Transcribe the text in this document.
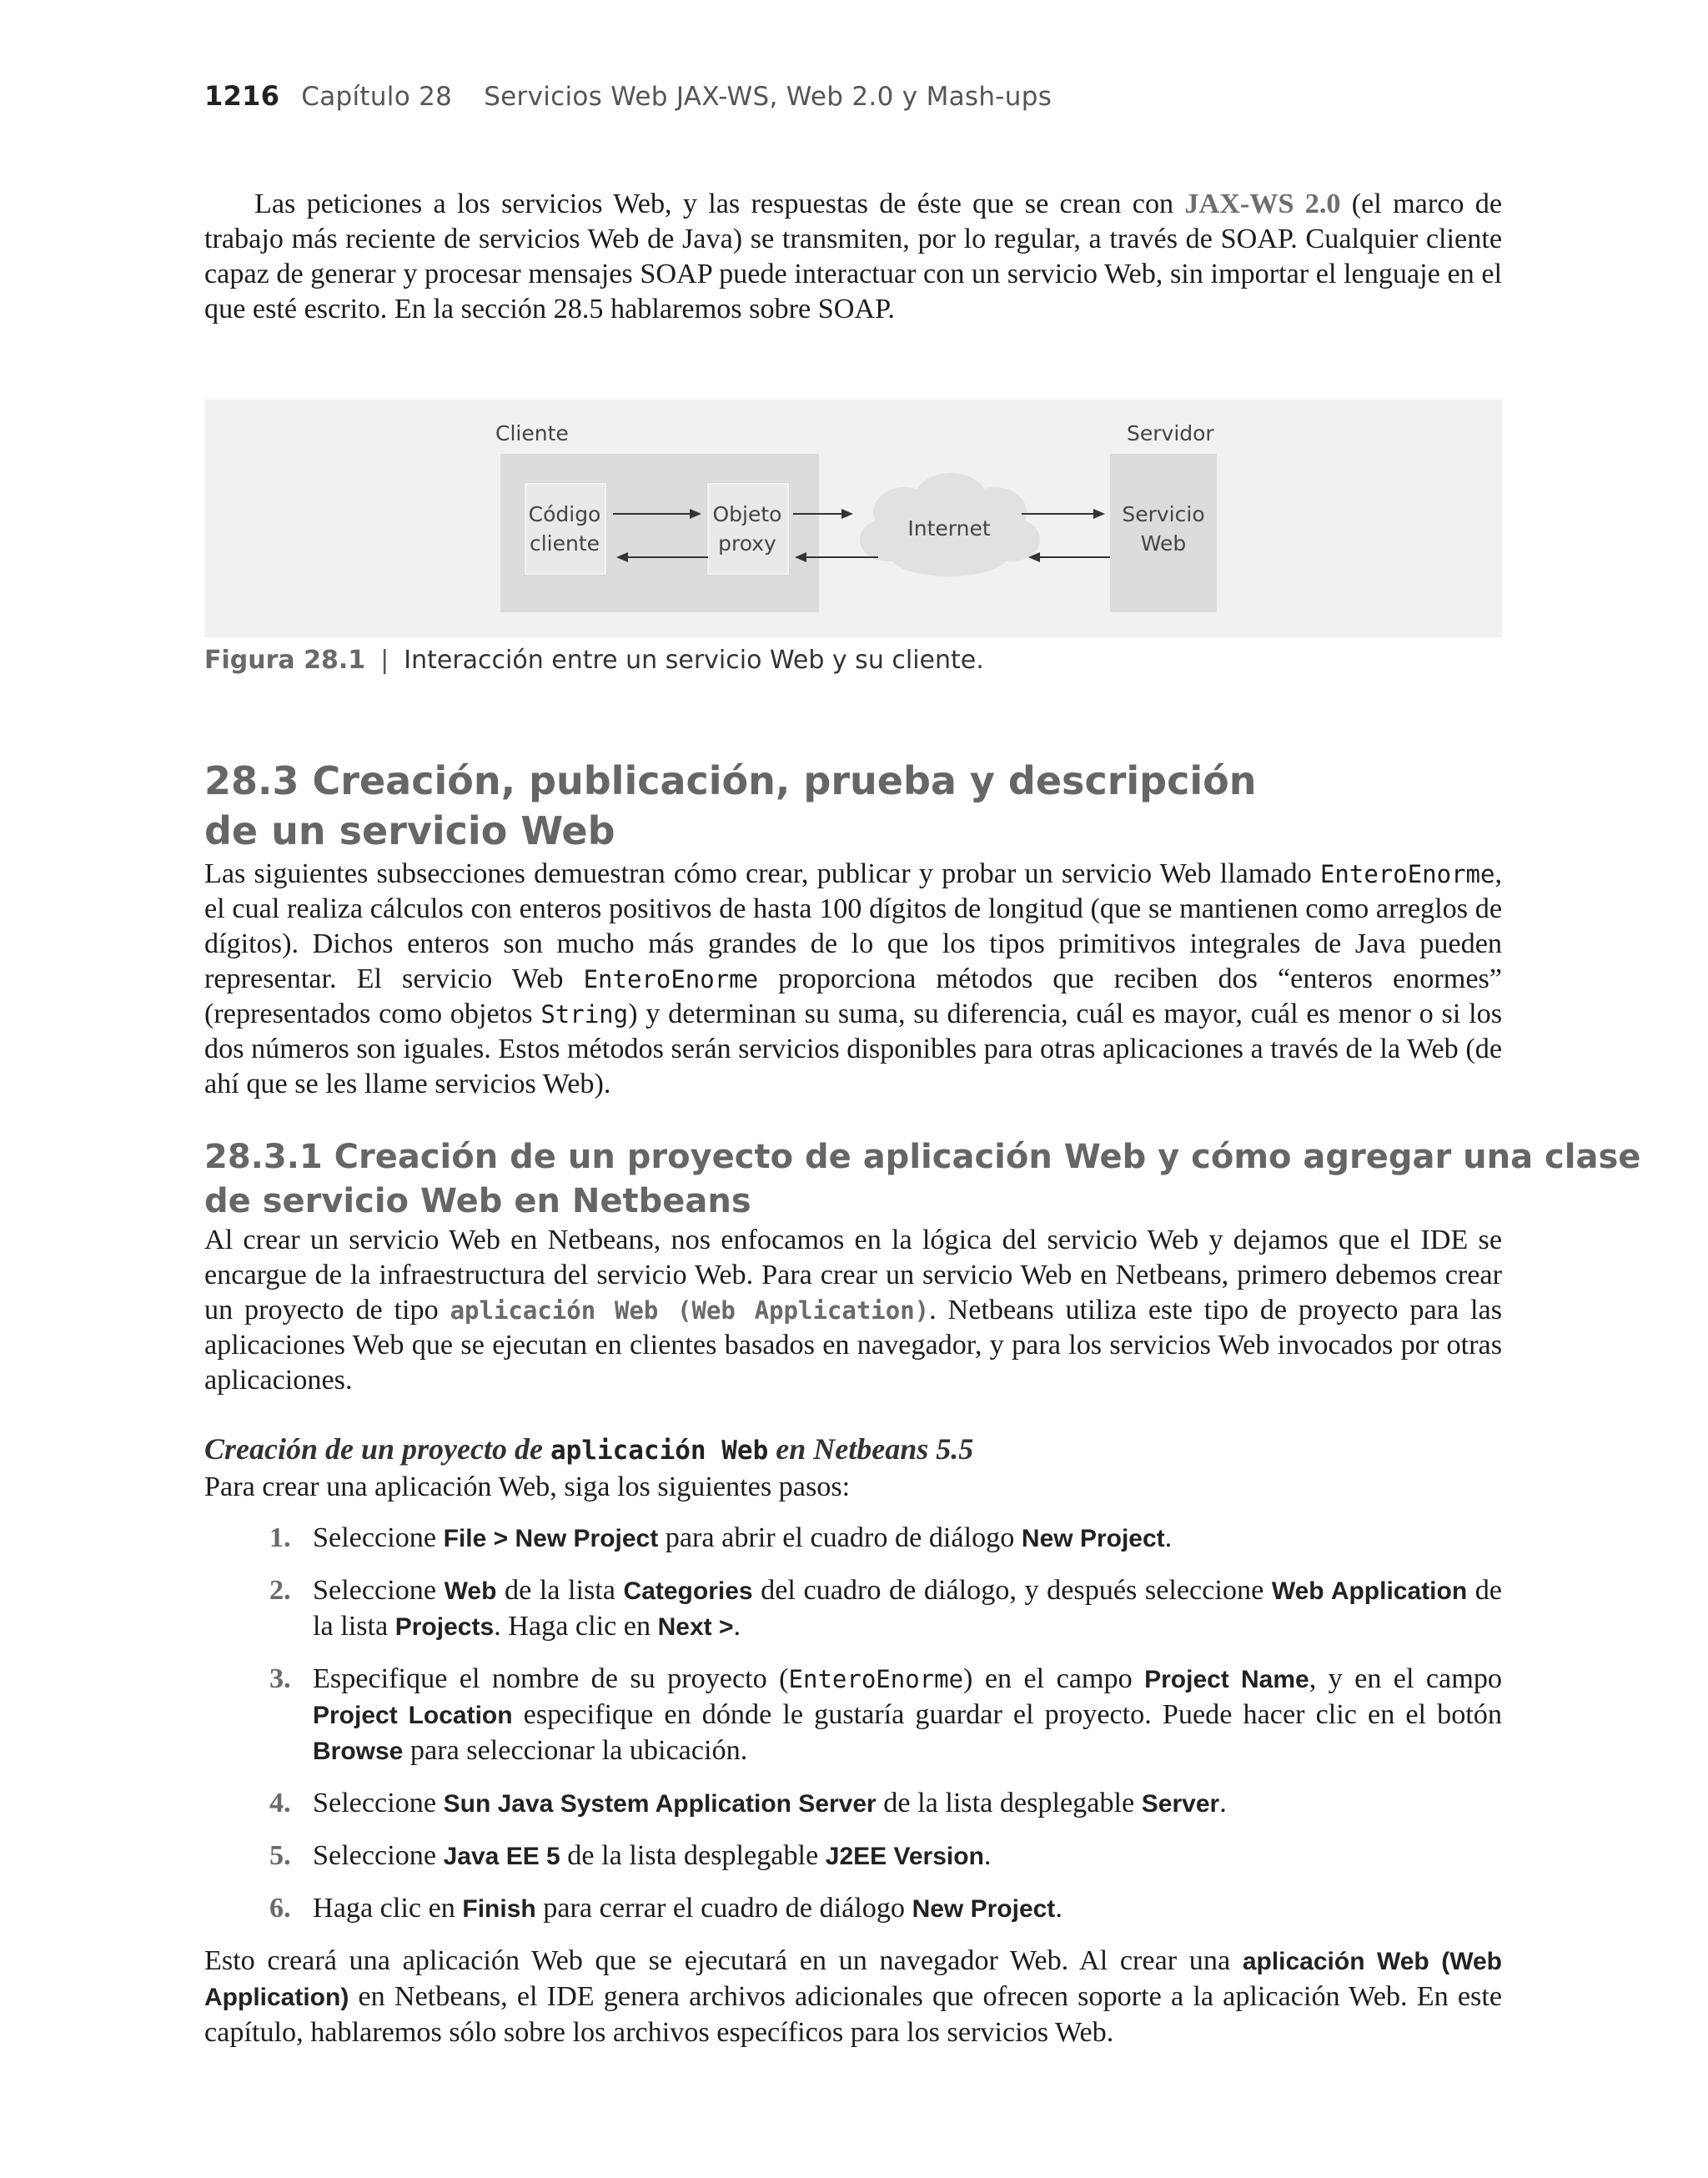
1216 Capítulo 28 Servicios Web JAX-WS, Web 2.0 y Mash-ups

Las peticiones a los servicios Web, y las respuestas de éste que se crean con JAX-WS 2.0 (el marco de trabajo más reciente de servicios Web de Java) se transmiten, por lo regular, a través de SOAP. Cualquier cliente capaz de generar y procesar mensajes SOAP puede interactuar con un servicio Web, sin importar el lenguaje en el que esté escrito. En la sección 28.5 hablaremos sobre SOAP.

Cliente	Servidor
Código
cliente
Objeto
proxy
Internet
Servicio
Web
Figura 28.1 | Interacción entre un servicio Web y su cliente.
28.3 Creación, publicación, prueba y descripción
de un servicio Web

Las siguientes subsecciones demuestran cómo crear, publicar y probar un servicio Web llamado EnteroEnorme, el cual realiza cálculos con enteros positivos de hasta 100 dígitos de longitud (que se mantienen como arreglos de dígitos). Dichos enteros son mucho más grandes de lo que los tipos primitivos integrales de Java pueden representar. El servicio Web EnteroEnorme proporciona métodos que reciben dos “enteros enormes” (representados como objetos String) y determinan su suma, su diferencia, cuál es mayor, cuál es menor o si los dos números son iguales. Estos métodos serán servicios disponibles para otras aplicaciones a través de la Web (de ahí que se les llame servicios Web).

28.3.1 Creación de un proyecto de aplicación Web y cómo agregar una clase
de servicio Web en Netbeans

Al crear un servicio Web en Netbeans, nos enfocamos en la lógica del servicio Web y dejamos que el IDE se encargue de la infraestructura del servicio Web. Para crear un servicio Web en Netbeans, primero debemos crear un proyecto de tipo aplicación Web (Web Application). Netbeans utiliza este tipo de proyecto para las aplicaciones Web que se ejecutan en clientes basados en navegador, y para los servicios Web invocados por otras aplicaciones.

Creación de un proyecto de aplicación Web en Netbeans 5.5

Para crear una aplicación Web, siga los siguientes pasos:

1. Seleccione File > New Project para abrir el cuadro de diálogo New Project.
2. Seleccione Web de la lista Categories del cuadro de diálogo, y después seleccione Web Application de la lista Projects. Haga clic en Next >.
3. Especifique el nombre de su proyecto (EnteroEnorme) en el campo Project Name, y en el campo Project Location especifique en dónde le gustaría guardar el proyecto. Puede hacer clic en el botón Browse para seleccionar la ubicación.
4. Seleccione Sun Java System Application Server de la lista desplegable Server.
5. Seleccione Java EE 5 de la lista desplegable J2EE Version.
6. Haga clic en Finish para cerrar el cuadro de diálogo New Project.

Esto creará una aplicación Web que se ejecutará en un navegador Web. Al crear una aplicación Web (Web Application) en Netbeans, el IDE genera archivos adicionales que ofrecen soporte a la aplicación Web. En este capítulo, hablaremos sólo sobre los archivos específicos para los servicios Web.
